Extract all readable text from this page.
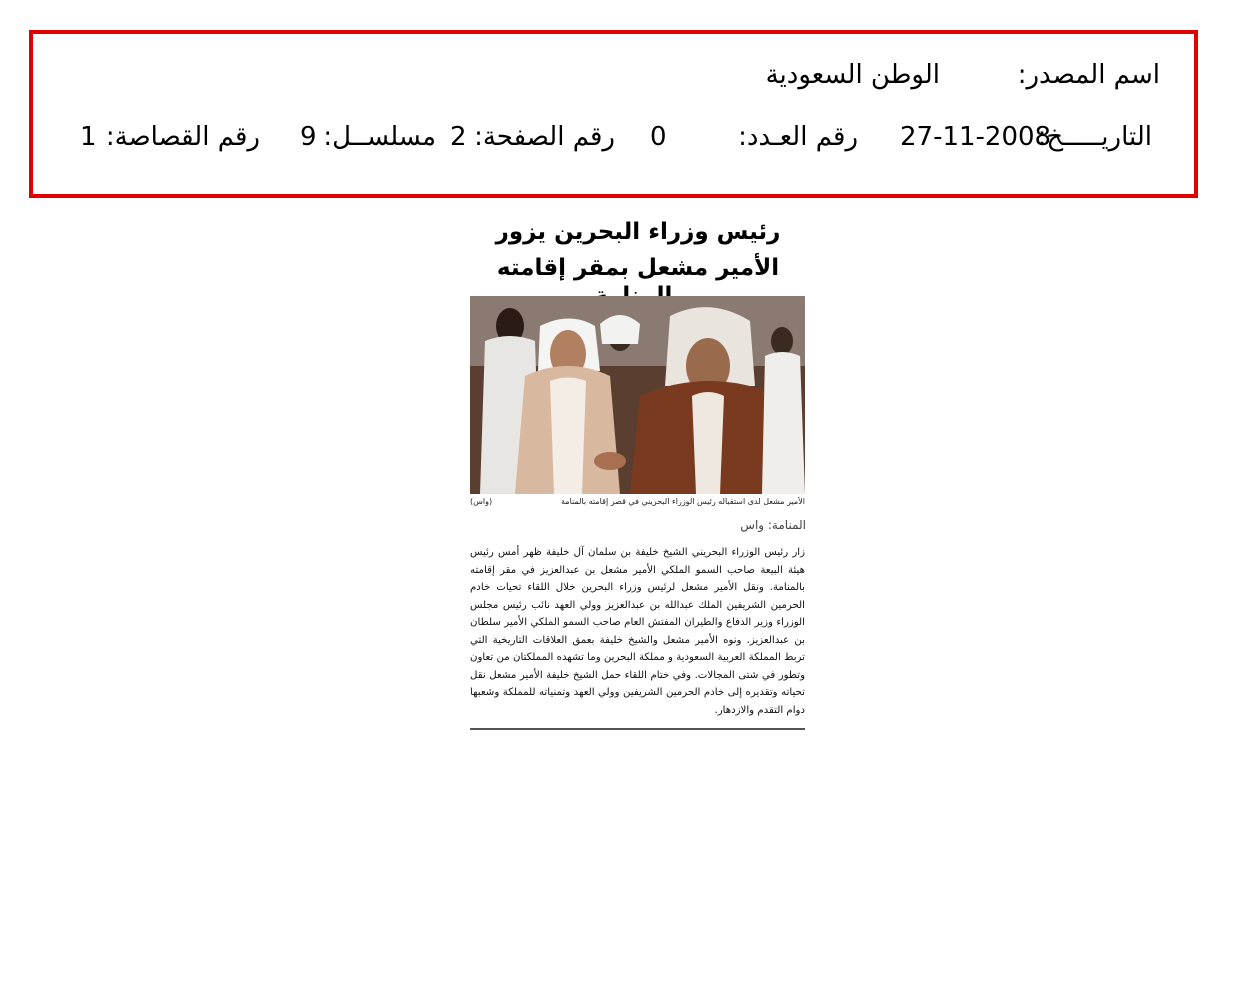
اسم المصدر:
الوطن السعودية
التاريـــــخ:
27-11-2008
رقم العـدد:
0
رقم الصفحة:
2
مسلســل:
9
رقم القصاصة:
1
رئيس وزراء البحرين يزور
الأمير مشعل بمقر إقامته
الأمير مشعل لدى استقباله رئيس الوزراء البحريني في قصر إقامته بالمنامة
(واس)
المنامة: واس
زار رئيس الوزراء البحريني الشيخ خليفة بن سلمان آل خليفة ظهر أمس رئيس هيئة البيعة صاحب السمو الملكي الأمير مشعل بن عبدالعزيز في مقر إقامته بالمنامة. ونقل الأمير مشعل لرئيس وزراء البحرين خلال اللقاء تحيات خادم الحرمين الشريفين الملك عبدالله بن عبدالعزيز وولي العهد نائب رئيس مجلس الوزراء وزير الدفاع والطيران المفتش العام صاحب السمو الملكي الأمير سلطان بن عبدالعزيز. ونوه الأمير مشعل والشيخ خليفة بعمق العلاقات التاريخية التي تربط المملكة العربية السعودية و مملكة البحرين وما تشهده المملكتان من تعاون وتطور في شتى المجالات. وفي ختام اللقاء حمل الشيخ خليفة الأمير مشعل نقل تحياته وتقديره إلى خادم الحرمين الشريفين وولي العهد وتمنياته للمملكة وشعبها دوام التقدم والازدهار.
